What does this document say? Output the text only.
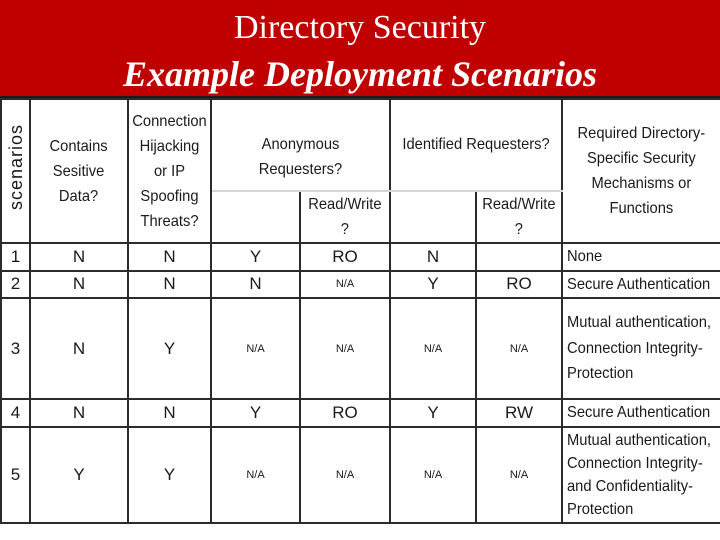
Directory Security
Example Deployment Scenarios
scenarios	Contains
Sesitive
Data?	Connection
Hijacking or IP
Spoofing
Threats?	Anonymous Requesters?		Identified Requesters?		Required Directory-
Specific Security
Mechanisms or
Functions
				Read/Write
?		Read/Write
?	
1	N	N	Y	RO	N		None
2	N	N	N	N/A	Y	RO	Secure Authentication
3	N	Y	N/A	N/A	N/A	N/A	Mutual authentication,
Connection Integrity-
Protection
4	N	N	Y	RO	Y	RW	Secure Authentication
5	Y	Y	N/A	N/A	N/A	N/A	Mutual authentication,
Connection Integrity-
and Confidentiality-
Protection
